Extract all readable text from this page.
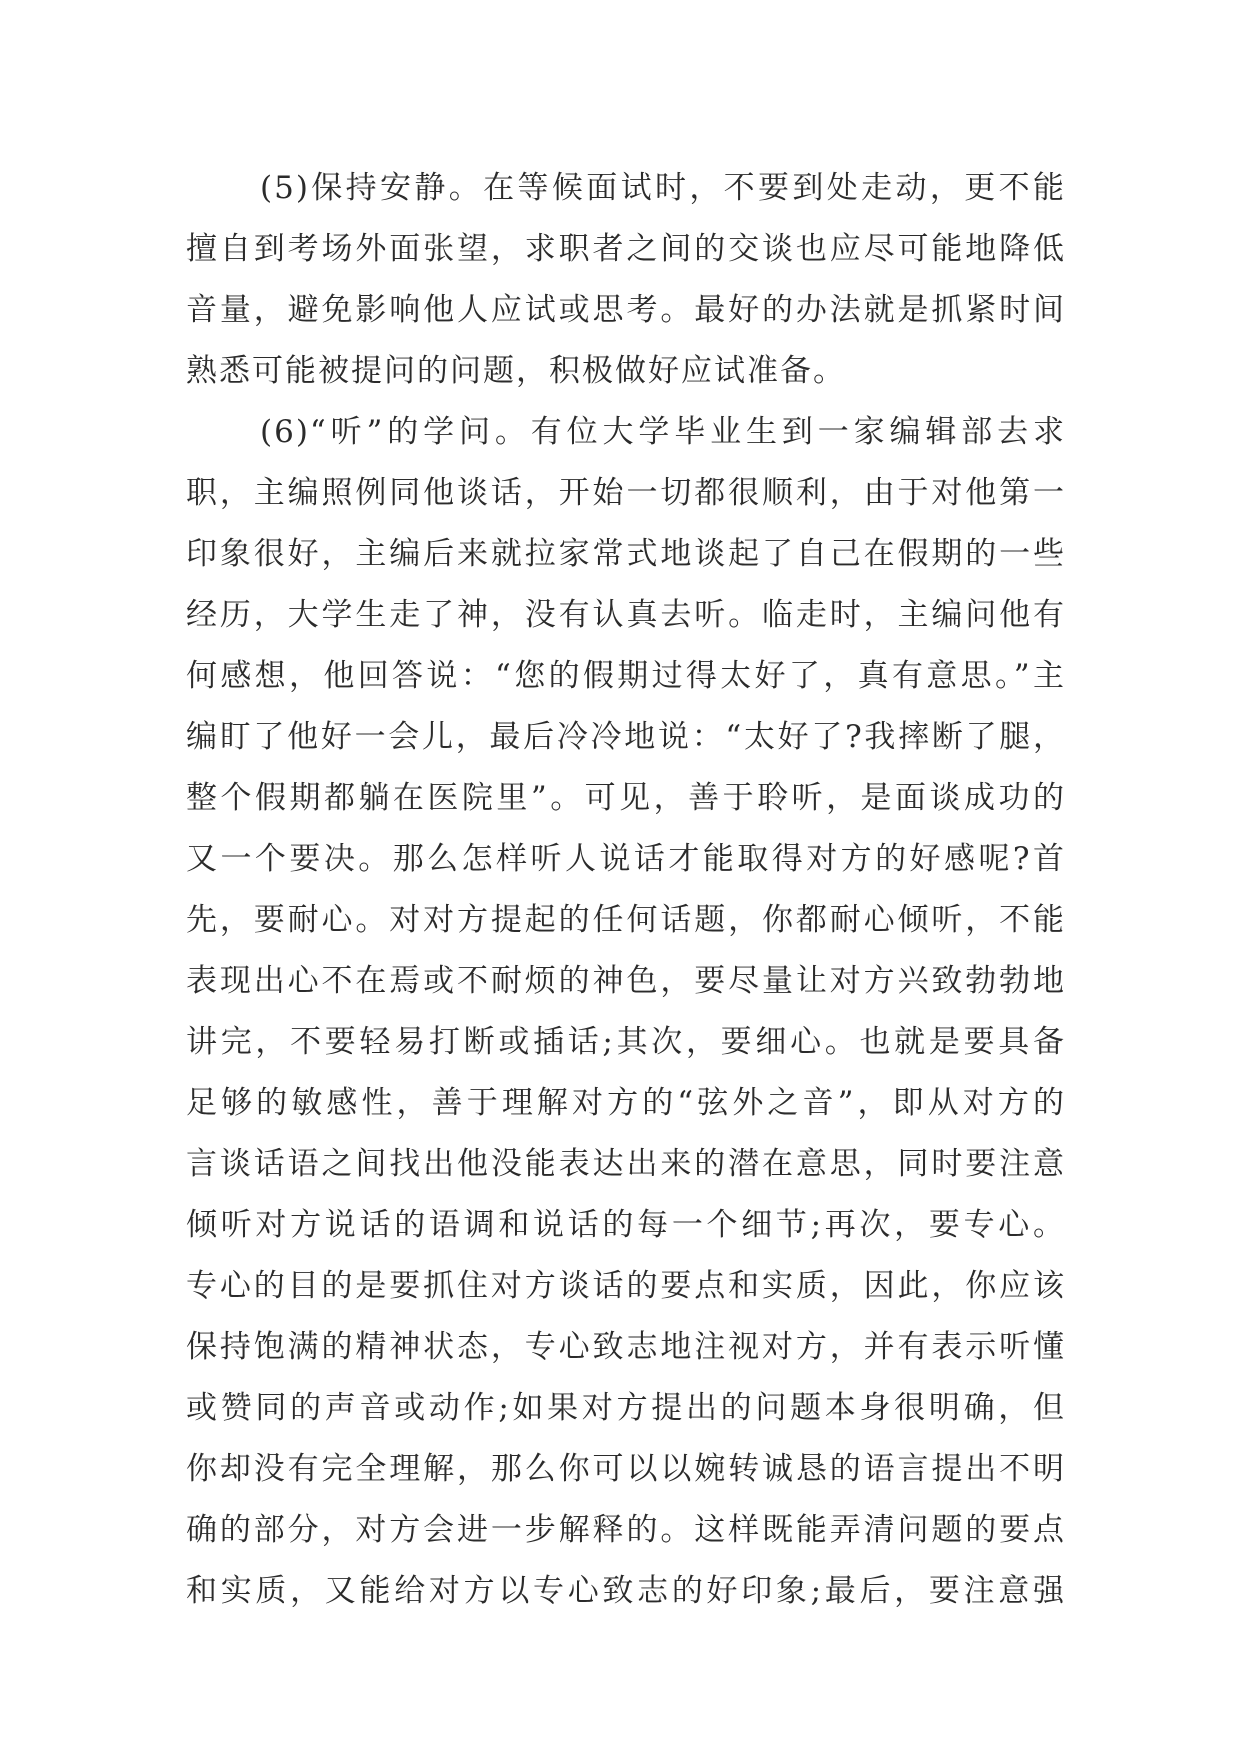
(5)保持安静。在等候面试时，不要到处走动，更不能
擅自到考场外面张望，求职者之间的交谈也应尽可能地降低
音量，避免影响他人应试或思考。最好的办法就是抓紧时间
熟悉可能被提问的问题，积极做好应试准备。
(6)“听”的学问。有位大学毕业生到一家编辑部去求
职，主编照例同他谈话，开始一切都很顺利，由于对他第一
印象很好，主编后来就拉家常式地谈起了自己在假期的一些
经历，大学生走了神，没有认真去听。临走时，主编问他有
何感想，他回答说：“您的假期过得太好了，真有意思。”主
编盯了他好一会儿，最后冷冷地说：“太好了?我摔断了腿，
整个假期都躺在医院里”。可见，善于聆听，是面谈成功的
又一个要决。那么怎样听人说话才能取得对方的好感呢?首
先，要耐心。对对方提起的任何话题，你都耐心倾听，不能
表现出心不在焉或不耐烦的神色，要尽量让对方兴致勃勃地
讲完，不要轻易打断或插话;其次，要细心。也就是要具备
足够的敏感性，善于理解对方的“弦外之音”，即从对方的
言谈话语之间找出他没能表达出来的潜在意思，同时要注意
倾听对方说话的语调和说话的每一个细节;再次，要专心。
专心的目的是要抓住对方谈话的要点和实质，因此，你应该
保持饱满的精神状态，专心致志地注视对方，并有表示听懂
或赞同的声音或动作;如果对方提出的问题本身很明确，但
你却没有完全理解，那么你可以以婉转诚恳的语言提出不明
确的部分，对方会进一步解释的。这样既能弄清问题的要点
和实质，又能给对方以专心致志的好印象;最后，要注意强
